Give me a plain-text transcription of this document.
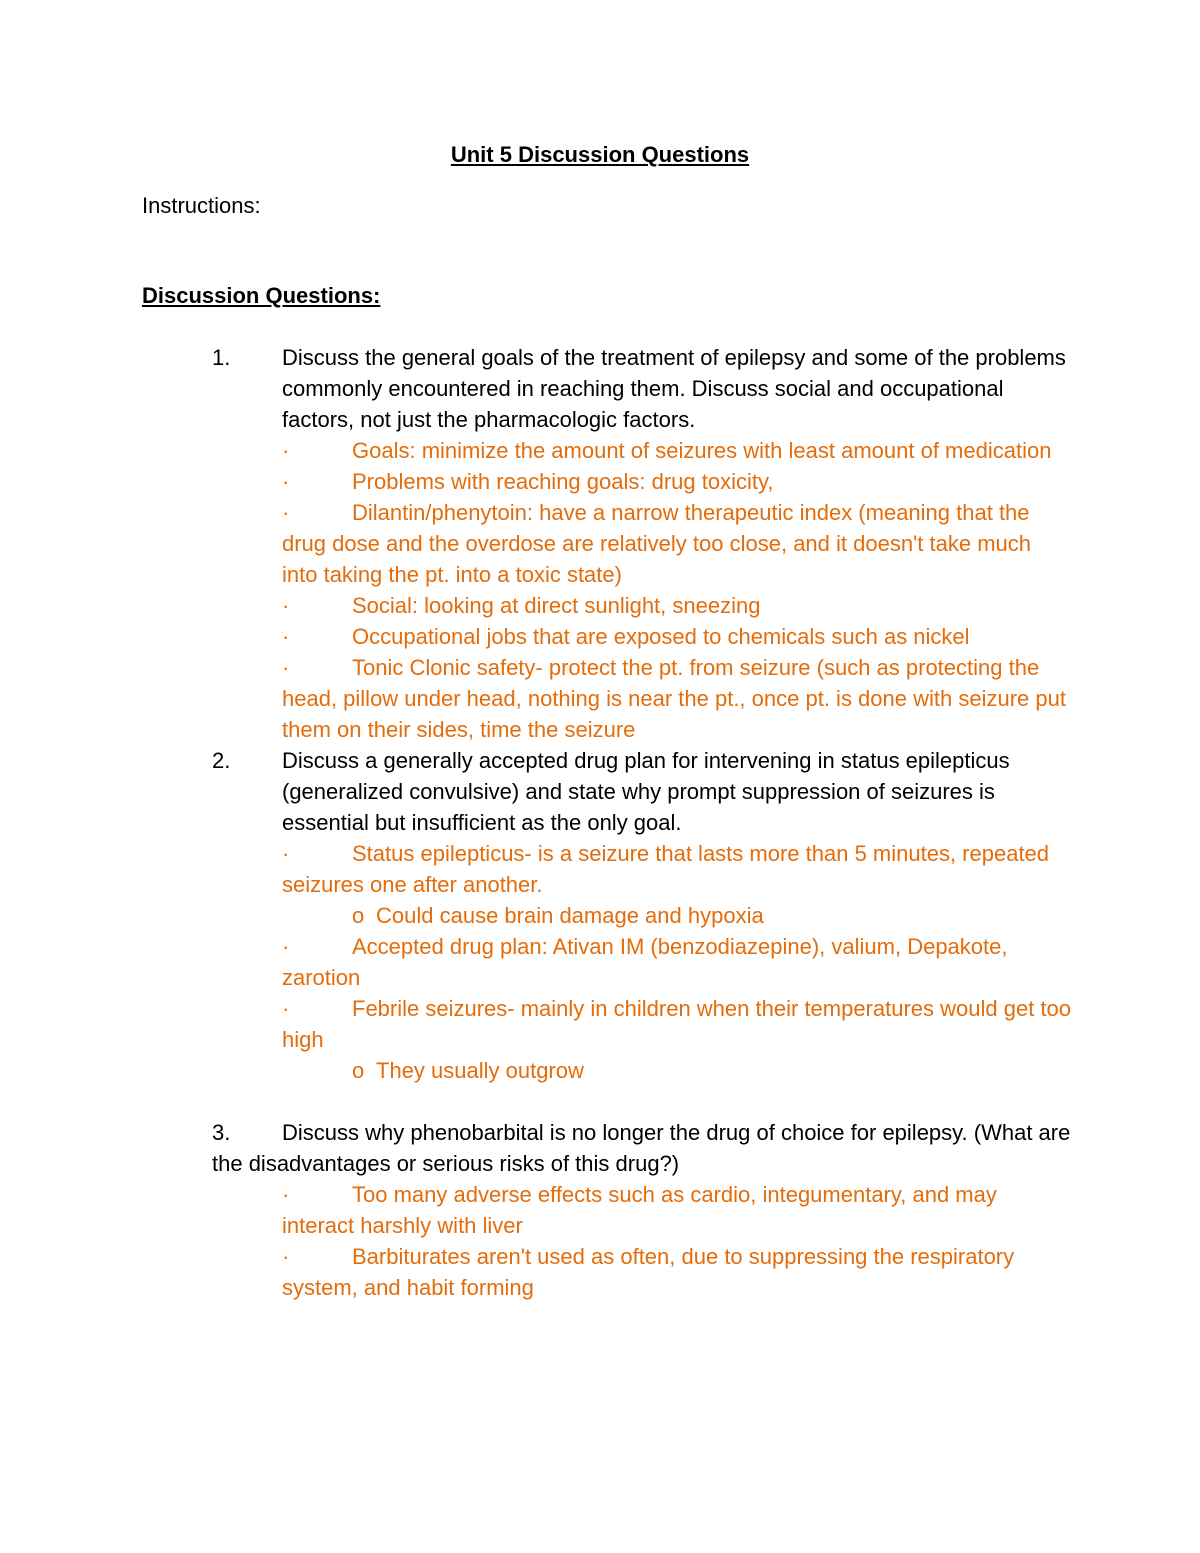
Unit 5 Discussion Questions
Instructions:
Discussion Questions:
1. Discuss the general goals of the treatment of epilepsy and some of the problems commonly encountered in reaching them. Discuss social and occupational factors, not just the pharmacologic factors.
·	Goals: minimize the amount of seizures with least amount of medication
·	Problems with reaching goals: drug toxicity,
·	Dilantin/phenytoin: have a narrow therapeutic index (meaning that the drug dose and the overdose are relatively too close, and it doesn't take much into taking the pt. into a toxic state)
·	Social: looking at direct sunlight, sneezing
·	Occupational jobs that are exposed to chemicals such as nickel
·	Tonic Clonic safety- protect the pt. from seizure (such as protecting the head, pillow under head, nothing is near the pt., once pt. is done with seizure put them on their sides, time the seizure
2. Discuss a generally accepted drug plan for intervening in status epilepticus (generalized convulsive) and state why prompt suppression of seizures is essential but insufficient as the only goal.
·	Status epilepticus- is a seizure that lasts more than 5 minutes, repeated seizures one after another.
o Could cause brain damage and hypoxia
·	Accepted drug plan: Ativan IM (benzodiazepine), valium, Depakote, zarotion
·	Febrile seizures- mainly in children when their temperatures would get too high
o They usually outgrow
3. Discuss why phenobarbital is no longer the drug of choice for epilepsy. (What are the disadvantages or serious risks of this drug?)
·	Too many adverse effects such as cardio, integumentary, and may interact harshly with liver
·	Barbiturates aren't used as often, due to suppressing the respiratory system, and habit forming
